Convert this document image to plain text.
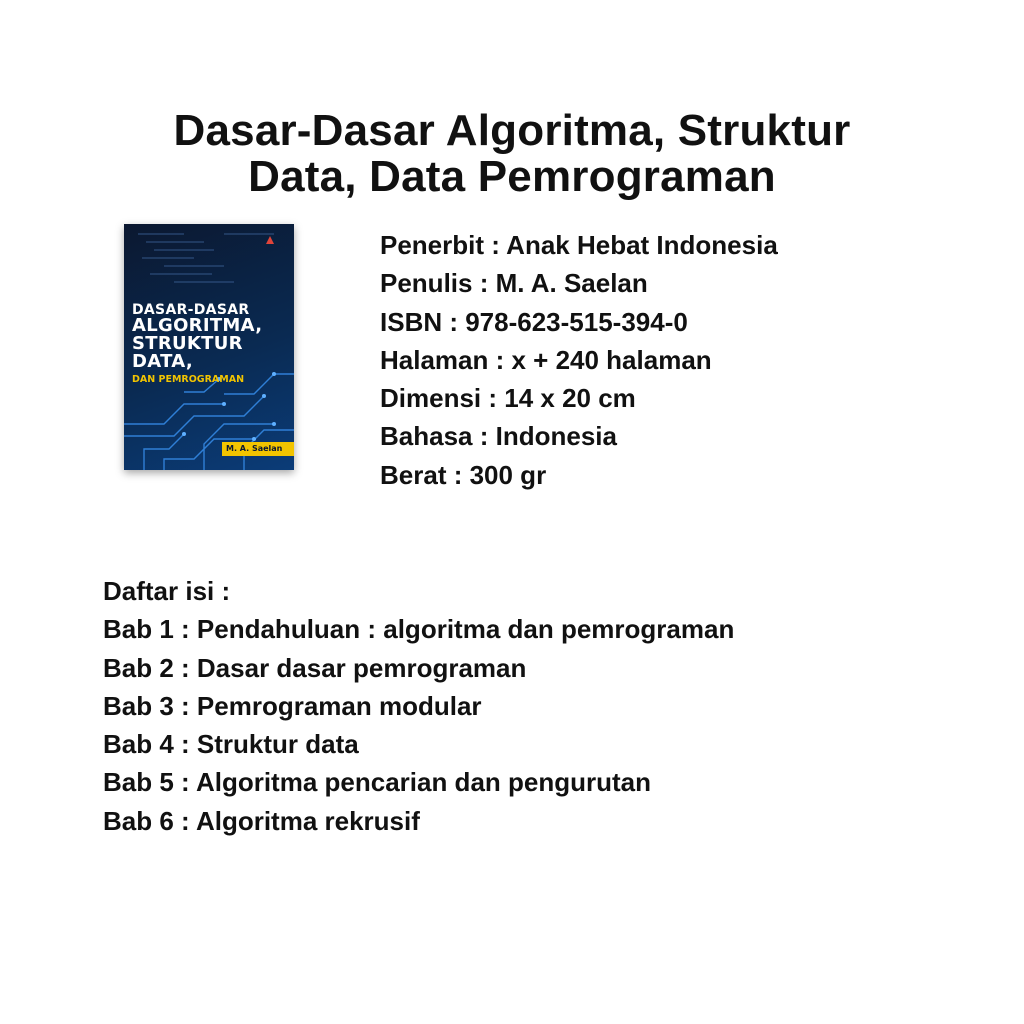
Dasar-Dasar Algoritma, Struktur
Data, Data Pemrograman
DASAR-DASAR
ALGORITMA,
STRUKTUR
DATA,
DAN PEMROGRAMAN
M. A. Saelan
Penerbit : Anak Hebat Indonesia
Penulis : M. A. Saelan
ISBN : 978-623-515-394-0
Halaman : x + 240 halaman
Dimensi : 14 x 20 cm
Bahasa : Indonesia
Berat : 300 gr
Daftar isi :
Bab 1 : Pendahuluan : algoritma dan pemrograman
Bab 2 : Dasar dasar pemrograman
Bab 3 : Pemrograman modular
Bab 4 : Struktur data
Bab 5 : Algoritma pencarian dan pengurutan
Bab 6 : Algoritma rekrusif
